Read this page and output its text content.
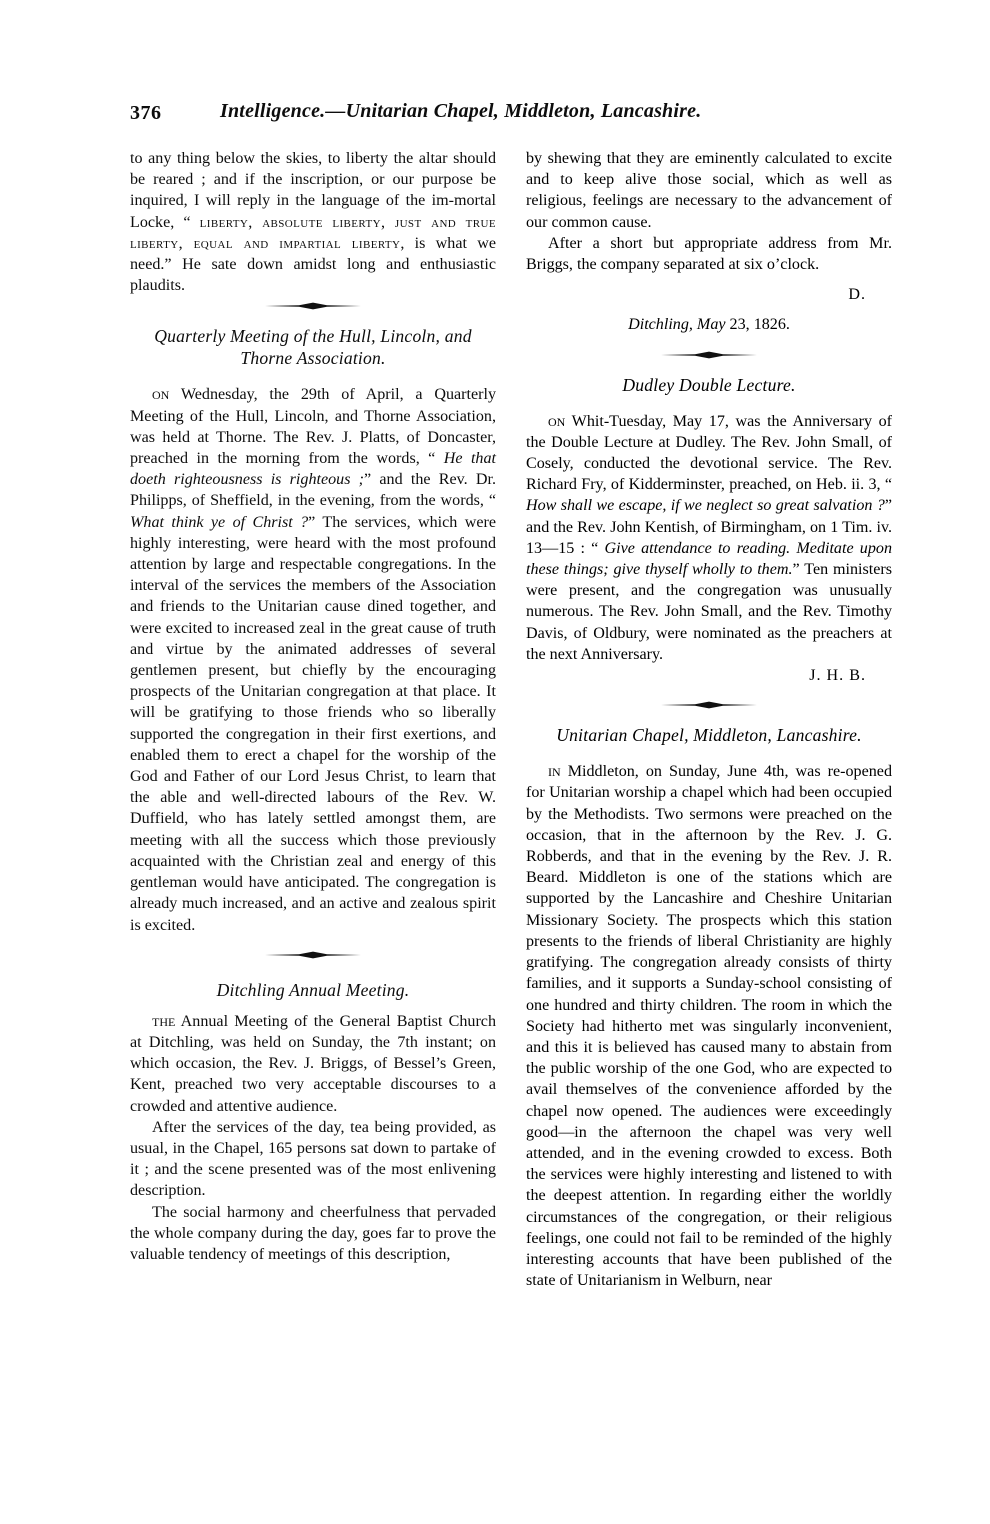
376	Intelligence.—Unitarian Chapel, Middleton, Lancashire.

to any thing below the skies, to liberty the altar should be reared ; and if the inscription, or our purpose be inquired, I will reply in the language of the im-mortal Locke, “ liberty, absolute liberty, just and true liberty, equal and impartial liberty, is what we need.” He sate down amidst long and enthusiastic plaudits.

Quarterly Meeting of the Hull, Lincoln, and Thorne Association.

on Wednesday, the 29th of April, a Quarterly Meeting of the Hull, Lincoln, and Thorne Association, was held at Thorne. The Rev. J. Platts, of Doncaster, preached in the morning from the words, “ He that doeth righteousness is righteous ;” and the Rev. Dr. Philipps, of Sheffield, in the evening, from the words, “ What think ye of Christ ?” The services, which were highly interesting, were heard with the most profound attention by large and respectable congregations. In the interval of the services the members of the Association and friends to the Unitarian cause dined together, and were excited to increased zeal in the great cause of truth and virtue by the animated addresses of several gentlemen present, but chiefly by the encouraging prospects of the Unitarian congregation at that place. It will be gratifying to those friends who so liberally supported the congregation in their first exertions, and enabled them to erect a chapel for the worship of the God and Father of our Lord Jesus Christ, to learn that the able and well-directed labours of the Rev. W. Duffield, who has lately settled amongst them, are meeting with all the success which those previously acquainted with the Christian zeal and energy of this gentleman would have anticipated. The congregation is already much increased, and an active and zealous spirit is excited.

Ditchling Annual Meeting.

the Annual Meeting of the General Baptist Church at Ditchling, was held on Sunday, the 7th instant; on which occasion, the Rev. J. Briggs, of Bessel’s Green, Kent, preached two very acceptable discourses to a crowded and attentive audience.

After the services of the day, tea being provided, as usual, in the Chapel, 165 persons sat down to partake of it ; and the scene presented was of the most enlivening description.

The social harmony and cheerfulness that pervaded the whole company during the day, goes far to prove the valuable tendency of meetings of this description,

by shewing that they are eminently calculated to excite and to keep alive those social, which as well as religious, feelings are necessary to the advancement of our common cause.

After a short but appropriate address from Mr. Briggs, the company separated at six o’clock.

D.

Ditchling, May 23, 1826.

Dudley Double Lecture.

on Whit-Tuesday, May 17, was the Anniversary of the Double Lecture at Dudley. The Rev. John Small, of Cosely, conducted the devotional service. The Rev. Richard Fry, of Kidderminster, preached, on Heb. ii. 3, “ How shall we escape, if we neglect so great salvation ?” and the Rev. John Kentish, of Birmingham, on 1 Tim. iv. 13—15 : “ Give attendance to reading. Meditate upon these things; give thyself wholly to them.” Ten ministers were present, and the congregation was unusually numerous. The Rev. John Small, and the Rev. Timothy Davis, of Oldbury, were nominated as the preachers at the next Anniversary.

J. H. B.

Unitarian Chapel, Middleton, Lancashire.

in Middleton, on Sunday, June 4th, was re-opened for Unitarian worship a chapel which had been occupied by the Methodists. Two sermons were preached on the occasion, that in the afternoon by the Rev. J. G. Robberds, and that in the evening by the Rev. J. R. Beard. Middleton is one of the stations which are supported by the Lancashire and Cheshire Unitarian Missionary Society. The prospects which this station presents to the friends of liberal Christianity are highly gratifying. The congregation already consists of thirty families, and it supports a Sunday-school consisting of one hundred and thirty children. The room in which the Society had hitherto met was singularly inconvenient, and this it is believed has caused many to abstain from the public worship of the one God, who are expected to avail themselves of the convenience afforded by the chapel now opened. The audiences were exceedingly good—in the afternoon the chapel was very well attended, and in the evening crowded to excess. Both the services were highly interesting and listened to with the deepest attention. In regarding either the worldly circumstances of the congregation, or their religious feelings, one could not fail to be reminded of the highly interesting accounts that have been published of the state of Unitarianism in Welburn, near
